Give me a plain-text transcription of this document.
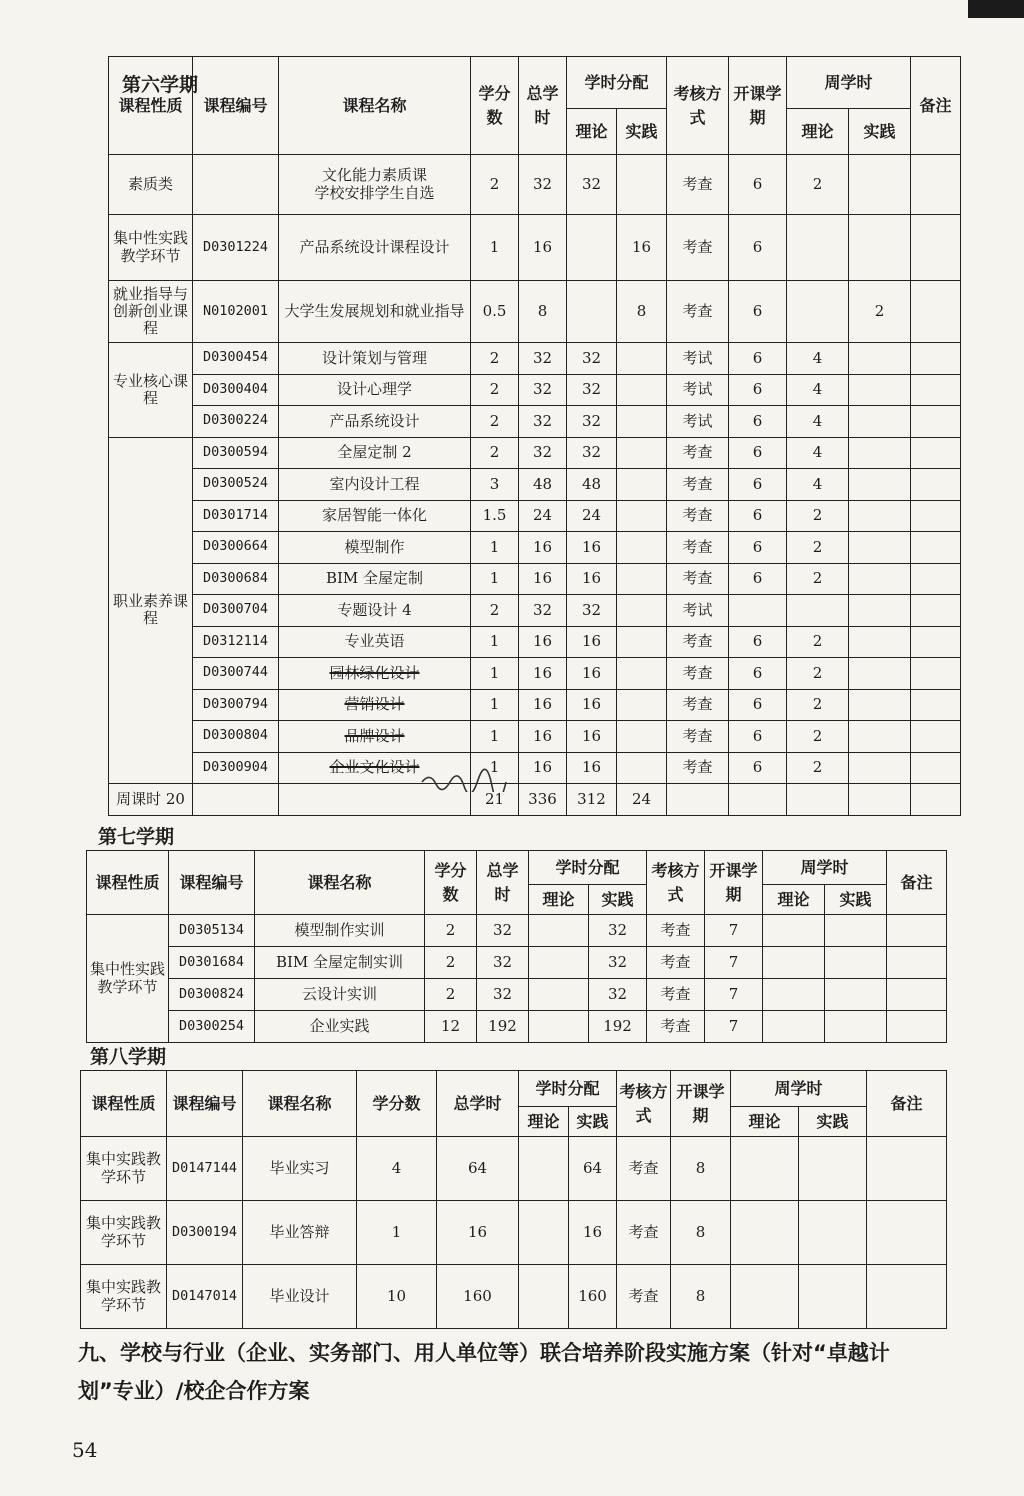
第六学期
课程性质	课程编号	课程名称	学分数	总学时	学时分配		考核方式	开课学期	周学时		备注
					理论	实践			理论	实践	
素质类		文化能力素质课
学校安排学生自选	2	32	32		考查	6	2		
集中性实践教学环节	D0301224	产品系统设计课程设计	1	16		16	考查	6			
就业指导与创新创业课程	N0102001	大学生发展规划和就业指导	0.5	8		8	考查	6		2	
专业核心课程	D0300454	设计策划与管理	2	32	32		考试	6	4		
	D0300404	设计心理学	2	32	32		考试	6	4		
	D0300224	产品系统设计	2	32	32		考试	6	4		
职业素养课程	D0300594	全屋定制 2	2	32	32		考查	6	4		
	D0300524	室内设计工程	3	48	48		考查	6	4		
	D0301714	家居智能一体化	1.5	24	24		考查	6	2		
	D0300664	模型制作	1	16	16		考查	6	2		
	D0300684	BIM 全屋定制	1	16	16		考查	6	2		
	D0300704	专题设计 4	2	32	32		考试				
	D0312114	专业英语	1	16	16		考查	6	2		
	D0300744	园林绿化设计	1	16	16		考查	6	2		
	D0300794	营销设计	1	16	16		考查	6	2		
	D0300804	品牌设计	1	16	16		考查	6	2		
	D0300904	企业文化设计	1	16	16		考查	6	2		
周课时 20			21	336	312	24					
第七学期
课程性质	课程编号	课程名称	学分数	总学时	学时分配		考核方式	开课学期	周学时		备注
					理论	实践			理论	实践	
集中性实践教学环节	D0305134	模型制作实训	2	32		32	考查	7			
	D0301684	BIM 全屋定制实训	2	32		32	考查	7			
	D0300824	云设计实训	2	32		32	考查	7			
	D0300254	企业实践	12	192		192	考查	7			
第八学期
课程性质	课程编号	课程名称	学分数	总学时	学时分配		考核方式	开课学期	周学时		备注
					理论	实践			理论	实践	
集中实践教学环节	D0147144	毕业实习	4	64		64	考查	8			
集中实践教学环节	D0300194	毕业答辩	1	16		16	考查	8			
集中实践教学环节	D0147014	毕业设计	10	160		160	考查	8			
九、学校与行业（企业、实务部门、用人单位等）联合培养阶段实施方案（针对“卓越计划”专业）/校企合作方案
54
